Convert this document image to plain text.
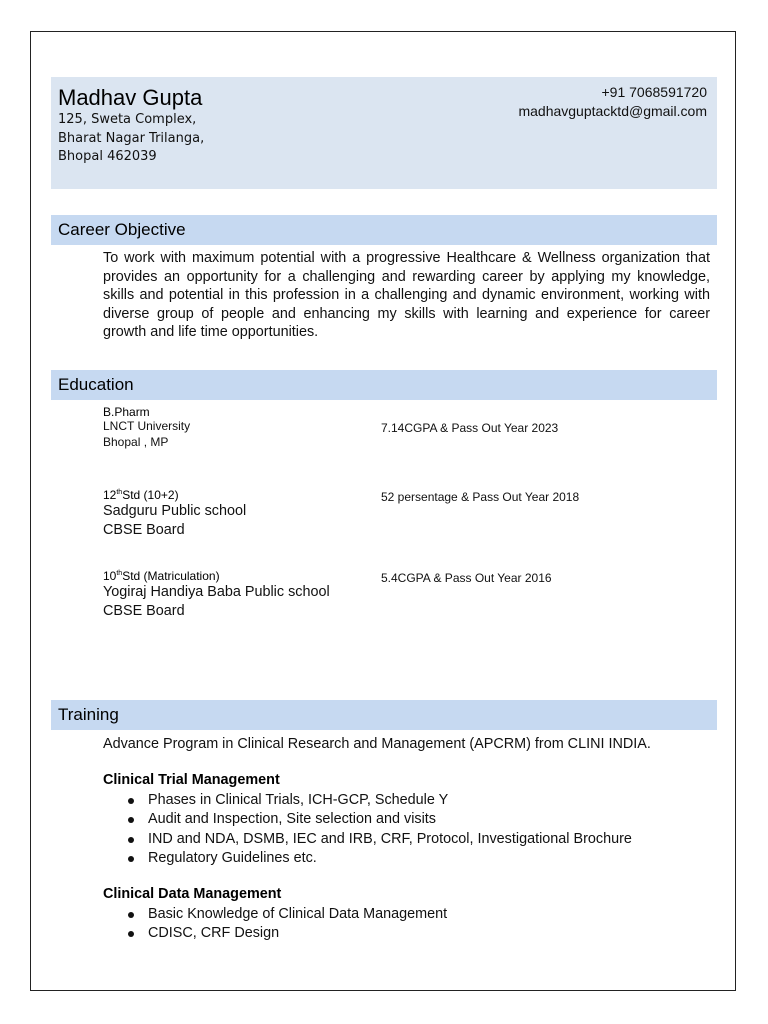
Madhav Gupta
125, Sweta Complex,
Bharat Nagar Trilanga,
Bhopal 462039
+91 7068591720
madhavguptacktd@gmail.com
Career Objective
To work with maximum potential with a progressive Healthcare & Wellness organization that provides an opportunity for a challenging and rewarding career by applying my knowledge, skills and potential in this profession in a challenging and dynamic environment, working with diverse group of people and enhancing my skills with learning and experience for career growth and life time opportunities.
Education
B.Pharm
LNCT University
Bhopal , MP
7.14CGPA & Pass Out Year 2023
12thStd (10+2)
Sadguru Public school
CBSE Board
52 persentage & Pass Out Year 2018
10thStd (Matriculation)
Yogiraj Handiya Baba Public school
CBSE Board
5.4CGPA & Pass Out Year 2016
Training
Advance Program in Clinical Research and Management (APCRM) from CLINI INDIA.
Clinical Trial Management
Phases in Clinical Trials, ICH-GCP, Schedule Y
Audit and Inspection, Site selection and visits
IND and NDA, DSMB, IEC and IRB, CRF, Protocol, Investigational Brochure
Regulatory Guidelines etc.
Clinical Data Management
Basic Knowledge of Clinical Data Management
CDISC, CRF Design
